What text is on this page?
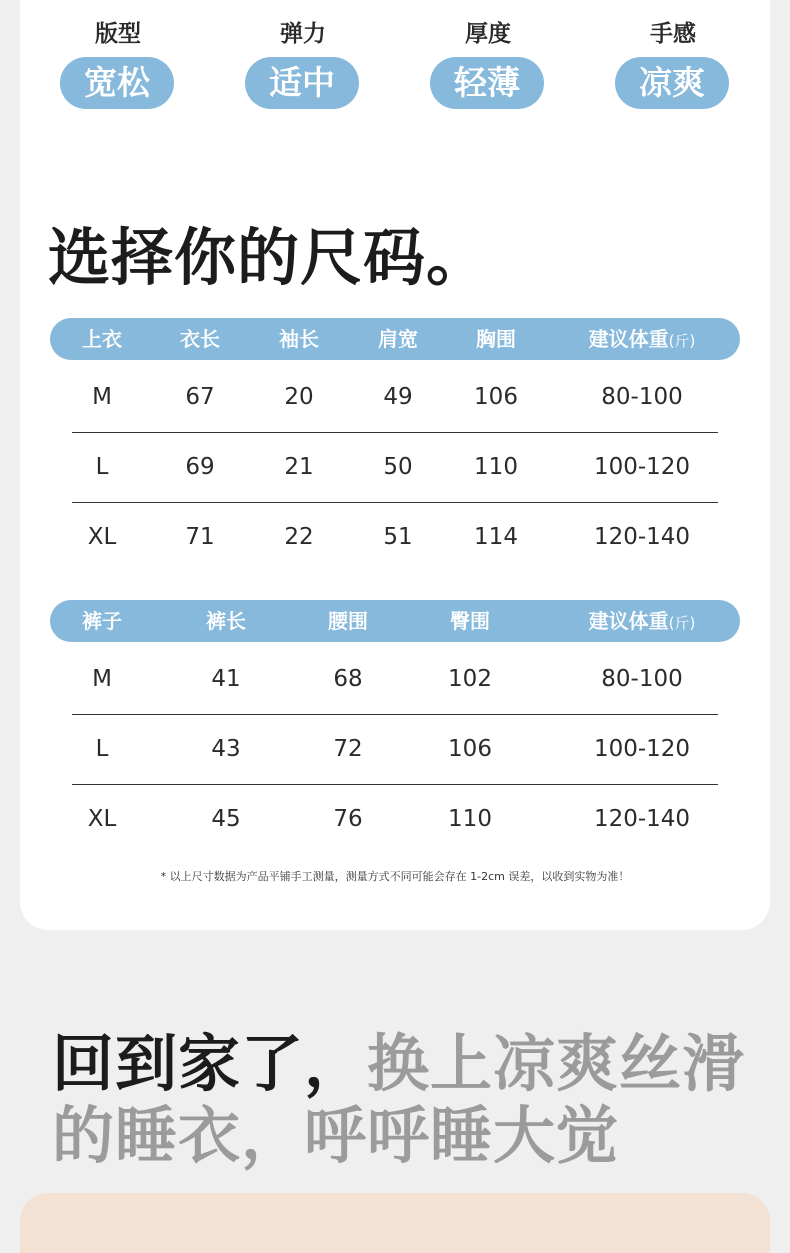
版型
宽松
弹力
适中
厚度
轻薄
手感
凉爽
选择你的尺码。
上衣	衣长	袖长	肩宽	胸围	建议体重(斤)
M	67	20	49	106	80-100
L	69	21	50	110	100-120
XL	71	22	51	114	120-140
裤子	裤长	腰围	臀围	建议体重(斤)
M	41	68	102	80-100
L	43	72	106	100-120
XL	45	76	110	120-140
* 以上尺寸数据为产品平铺手工测量，测量方式不同可能会存在 1-2cm 误差，以收到实物为准！
回到家了，换上凉爽丝滑的睡衣，呼呼睡大觉
